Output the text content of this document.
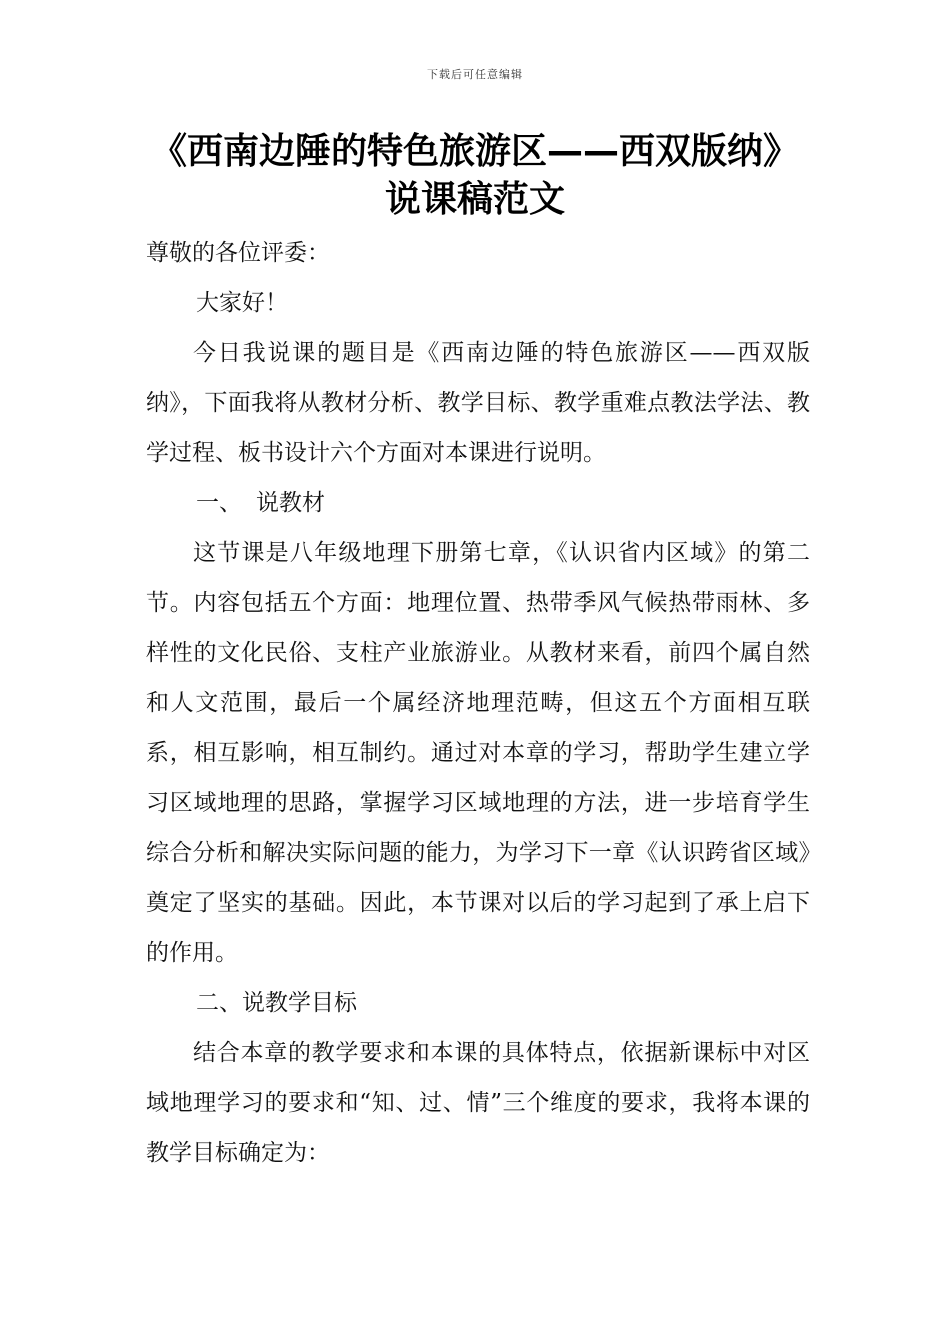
下载后可任意编辑
《西南边陲的特色旅游区——西双版纳》
说课稿范文

尊敬的各位评委：

大家好！

今日我说课的题目是《西南边陲的特色旅游区——西双版纳》，下面我将从教材分析、教学目标、教学重难点教法学法、教学过程、板书设计六个方面对本课进行说明。

一、 说教材

这节课是八年级地理下册第七章，《认识省内区域》的第二节。内容包括五个方面：地理位置、热带季风气候热带雨林、多样性的文化民俗、支柱产业旅游业。从教材来看，前四个属自然和人文范围，最后一个属经济地理范畴，但这五个方面相互联系，相互影响，相互制约。通过对本章的学习，帮助学生建立学习区域地理的思路，掌握学习区域地理的方法，进一步培育学生综合分析和解决实际问题的能力，为学习下一章《认识跨省区域》奠定了坚实的基础。因此，本节课对以后的学习起到了承上启下的作用。

二、说教学目标

结合本章的教学要求和本课的具体特点，依据新课标中对区域地理学习的要求和“知、过、情”三个维度的要求，我将本课的教学目标确定为：
